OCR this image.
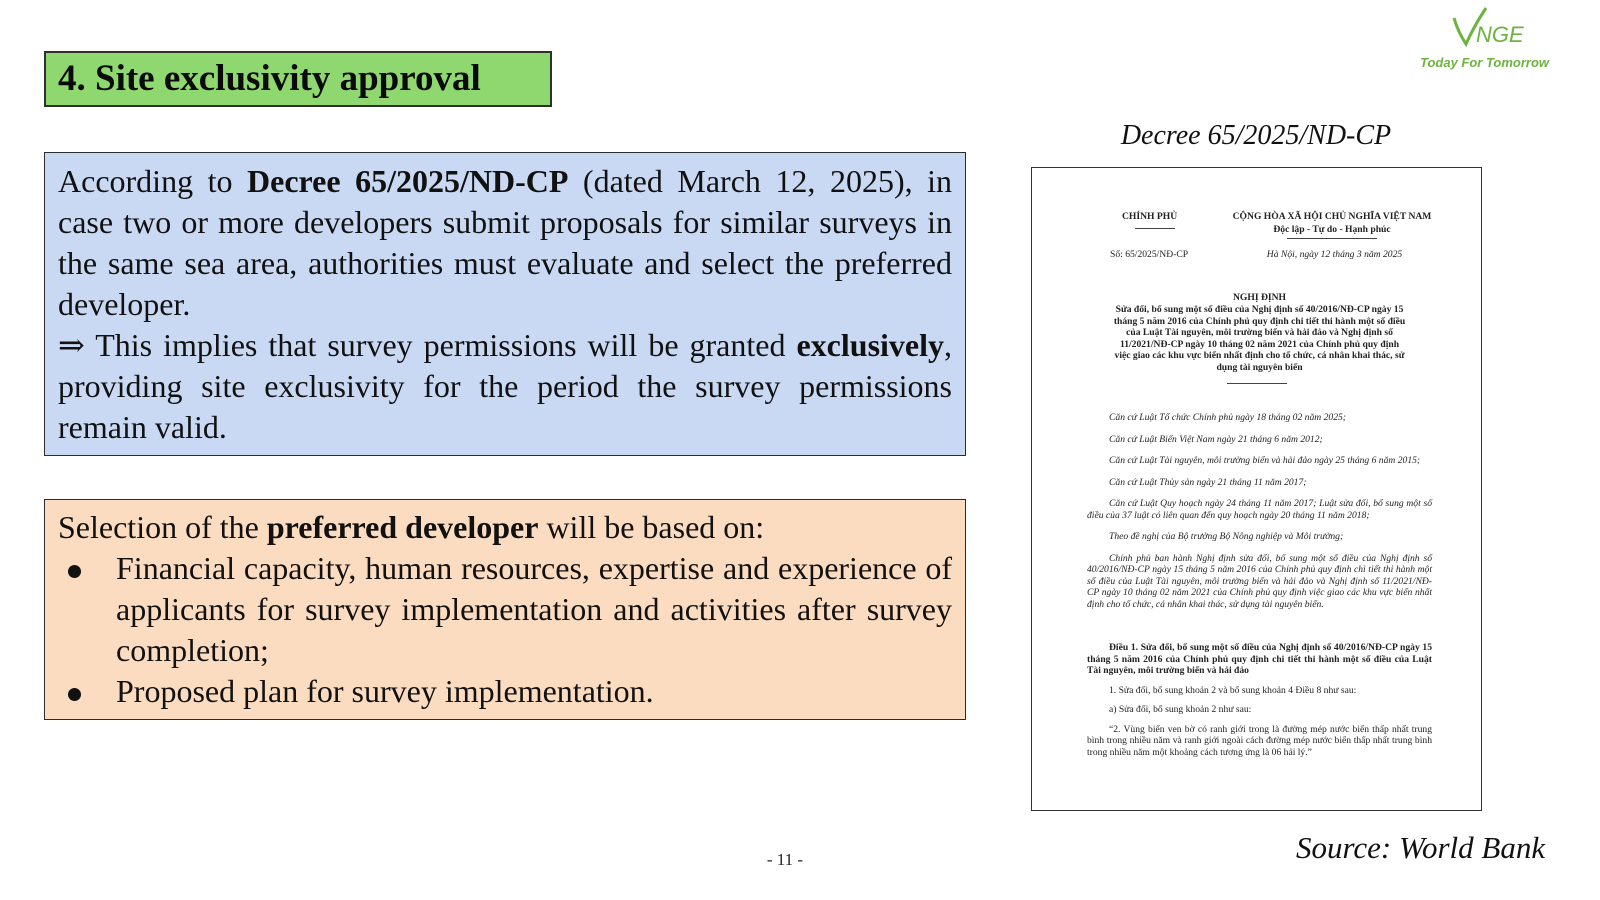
4. Site exclusivity approval
NGE
Today For Tomorrow

According to Decree 65/2025/ND-CP (dated March 12, 2025), in case two or more developers submit proposals for similar surveys in the same sea area, authorities must evaluate and select the preferred developer.

⇒ This implies that survey permissions will be granted exclusively, providing site exclusivity for the period the survey permissions remain valid.

Selection of the preferred developer will be based on:

Financial capacity, human resources, expertise and experience of applicants for survey implementation and activities after survey completion;
Proposed plan for survey implementation.
Decree 65/2025/ND-CP
CHÍNH PHỦ	CỘNG HÒA XÃ HỘI CHỦ NGHĨA VIỆT NAM
Độc lập - Tự do - Hạnh phúc
Số: 65/2025/NĐ-CP	Hà Nội, ngày 12 tháng 3 năm 2025
NGHỊ ĐỊNH
Sửa đổi, bổ sung một số điều của Nghị định số 40/2016/NĐ-CP ngày 15 tháng 5 năm 2016 của Chính phủ quy định chi tiết thi hành một số điều của Luật Tài nguyên, môi trường biển và hải đảo và Nghị định số 11/2021/NĐ-CP ngày 10 tháng 02 năm 2021 của Chính phủ quy định việc giao các khu vực biển nhất định cho tổ chức, cá nhân khai thác, sử dụng tài nguyên biển

Căn cứ Luật Tổ chức Chính phủ ngày 18 tháng 02 năm 2025;

Căn cứ Luật Biển Việt Nam ngày 21 tháng 6 năm 2012;

Căn cứ Luật Tài nguyên, môi trường biển và hải đảo ngày 25 tháng 6 năm 2015;

Căn cứ Luật Thủy sản ngày 21 tháng 11 năm 2017;

Căn cứ Luật Quy hoạch ngày 24 tháng 11 năm 2017; Luật sửa đổi, bổ sung một số điều của 37 luật có liên quan đến quy hoạch ngày 20 tháng 11 năm 2018;

Theo đề nghị của Bộ trưởng Bộ Nông nghiệp và Môi trường;

Chính phủ ban hành Nghị định sửa đổi, bổ sung một số điều của Nghị định số 40/2016/NĐ-CP ngày 15 tháng 5 năm 2016 của Chính phủ quy định chi tiết thi hành một số điều của Luật Tài nguyên, môi trường biển và hải đảo và Nghị định số 11/2021/NĐ-CP ngày 10 tháng 02 năm 2021 của Chính phủ quy định việc giao các khu vực biển nhất định cho tổ chức, cá nhân khai thác, sử dụng tài nguyên biển.

Điều 1. Sửa đổi, bổ sung một số điều của Nghị định số 40/2016/NĐ-CP ngày 15 tháng 5 năm 2016 của Chính phủ quy định chi tiết thi hành một số điều của Luật Tài nguyên, môi trường biển và hải đảo

1. Sửa đổi, bổ sung khoản 2 và bổ sung khoản 4 Điều 8 như sau:

a) Sửa đổi, bổ sung khoản 2 như sau:

“2. Vùng biển ven bờ có ranh giới trong là đường mép nước biển thấp nhất trung bình trong nhiều năm và ranh giới ngoài cách đường mép nước biển thấp nhất trung bình trong nhiều năm một khoảng cách tương ứng là 06 hải lý.”

Source: World Bank
- 11 -
